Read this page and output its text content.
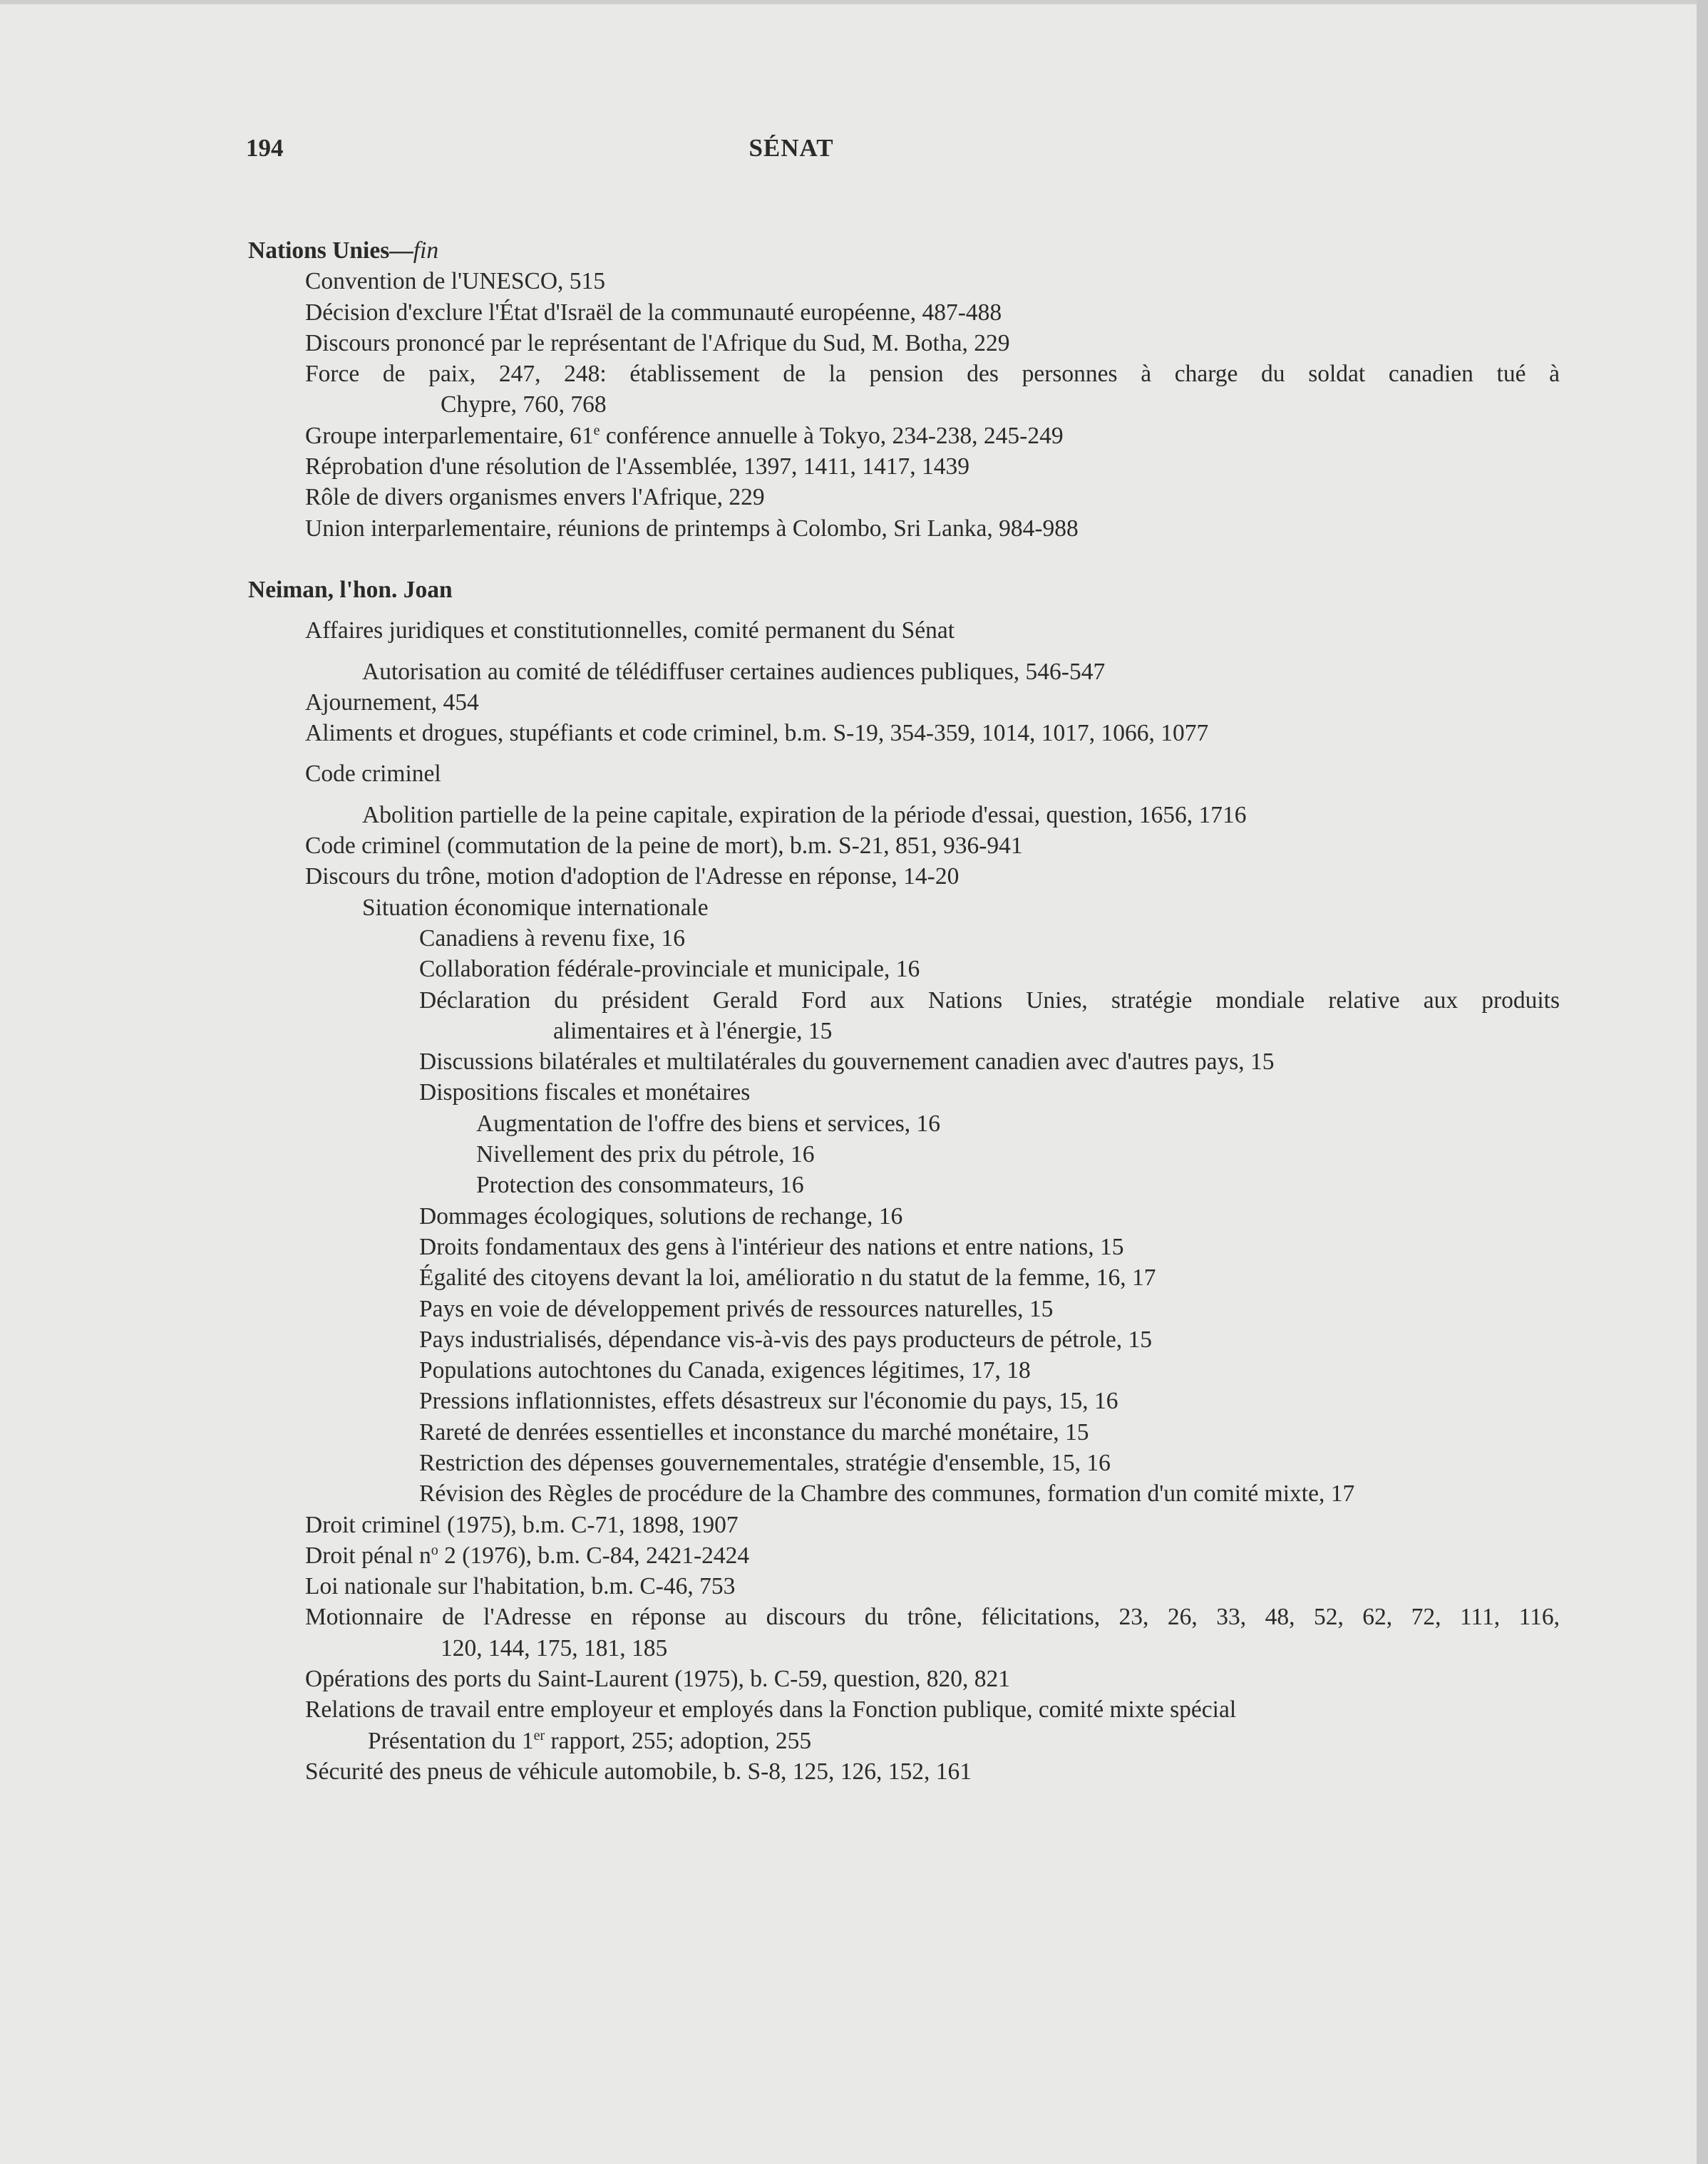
194	SÉNAT
Nations Unies—fin
Convention de l'UNESCO, 515
Décision d'exclure l'État d'Israël de la communauté européenne, 487-488
Discours prononcé par le représentant de l'Afrique du Sud, M. Botha, 229
Force de paix, 247, 248: établissement de la pension des personnes à charge du soldat canadien tué à
Chypre, 760, 768
Groupe interparlementaire, 61e conférence annuelle à Tokyo, 234-238, 245-249
Réprobation d'une résolution de l'Assemblée, 1397, 1411, 1417, 1439
Rôle de divers organismes envers l'Afrique, 229
Union interparlementaire, réunions de printemps à Colombo, Sri Lanka, 984-988
Neiman, l'hon. Joan
Affaires juridiques et constitutionnelles, comité permanent du Sénat
Autorisation au comité de télédiffuser certaines audiences publiques, 546-547
Ajournement, 454
Aliments et drogues, stupéfiants et code criminel, b.m. S-19, 354-359, 1014, 1017, 1066, 1077
Code criminel
Abolition partielle de la peine capitale, expiration de la période d'essai, question, 1656, 1716
Code criminel (commutation de la peine de mort), b.m. S-21, 851, 936-941
Discours du trône, motion d'adoption de l'Adresse en réponse, 14-20
Situation économique internationale
Canadiens à revenu fixe, 16
Collaboration fédérale-provinciale et municipale, 16
Déclaration du président Gerald Ford aux Nations Unies, stratégie mondiale relative aux produits
alimentaires et à l'énergie, 15
Discussions bilatérales et multilatérales du gouvernement canadien avec d'autres pays, 15
Dispositions fiscales et monétaires
Augmentation de l'offre des biens et services, 16
Nivellement des prix du pétrole, 16
Protection des consommateurs, 16
Dommages écologiques, solutions de rechange, 16
Droits fondamentaux des gens à l'intérieur des nations et entre nations, 15
Égalité des citoyens devant la loi, amélioratio n du statut de la femme, 16, 17
Pays en voie de développement privés de ressources naturelles, 15
Pays industrialisés, dépendance vis-à-vis des pays producteurs de pétrole, 15
Populations autochtones du Canada, exigences légitimes, 17, 18
Pressions inflationnistes, effets désastreux sur l'économie du pays, 15, 16
Rareté de denrées essentielles et inconstance du marché monétaire, 15
Restriction des dépenses gouvernementales, stratégie d'ensemble, 15, 16
Révision des Règles de procédure de la Chambre des communes, formation d'un comité mixte, 17
Droit criminel (1975), b.m. C-71, 1898, 1907
Droit pénal $n^o$ 2 (1976), b.m. C-84, 2421-2424
Loi nationale sur l'habitation, b.m. C-46, 753
Motionnaire de l'Adresse en réponse au discours du trône, félicitations, 23, 26, 33, 48, 52, 62, 72, 111, 116,
120, 144, 175, 181, 185
Opérations des ports du Saint-Laurent (1975), b. C-59, question, 820, 821
Relations de travail entre employeur et employés dans la Fonction publique, comité mixte spécial
Présentation du 1er rapport, 255; adoption, 255
Sécurité des pneus de véhicule automobile, b. S-8, 125, 126, 152, 161
